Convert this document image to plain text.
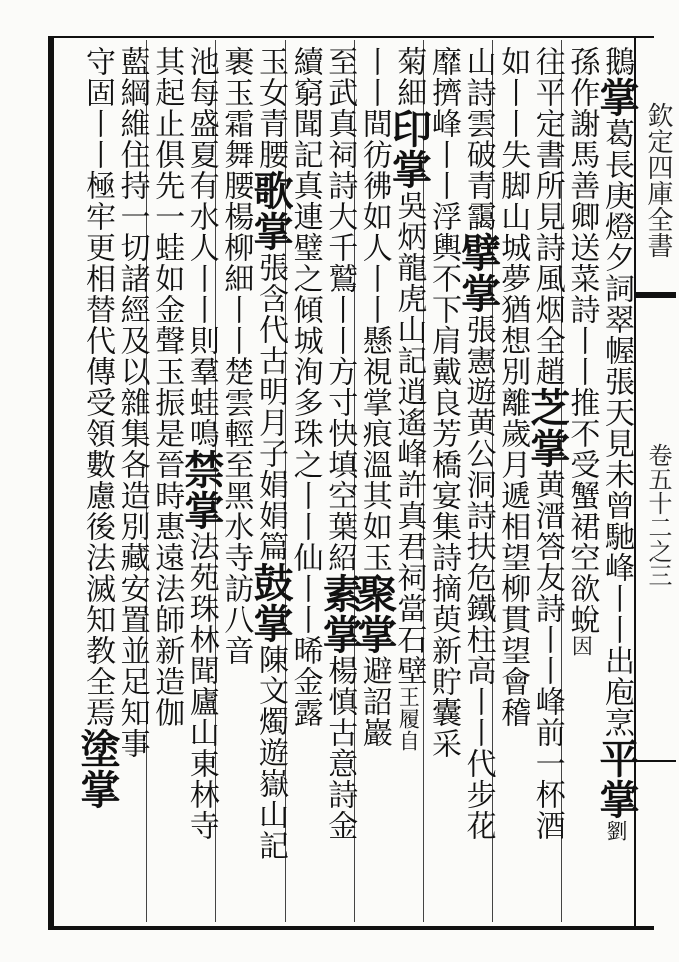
欽定四庫全書
卷五十二之三
鵝掌葛長庚燈夕詞翠幄張天見未曾馳峰丨丨出庖烹平掌劉
孫作謝馬善卿送菜詩丨丨推不受蟹裙空欲蛻因
往平定書所見詩風烟全趙芝掌黄溍答友詩丨丨峰前一杯酒
如丨丨失脚山城夢猶想別離歲月遞相望柳貫望會稽
山詩雲破青靄擘掌張憲遊黄公洞詩扶危鐵柱高丨丨代步花
靡擠峰丨丨浮輿不下肩戴良芳橋宴集詩摘萸新貯囊采
菊細印掌吳炳龍虎山記逍遙峰許真君祠當石壁王履自
丨丨間彷彿如人丨丨懸視掌痕溫其如玉聚掌避詔巖
至武真祠詩大千鷲丨丨方寸快填空葉紹素掌楊慎古意詩金
續窮聞記真連璧之傾城洵多珠之丨丨仙丨丨晞金露
玉女青腰歌掌張含代古明月子娟娟篇鼓掌陳文燭遊嶽山記
裹玉霜舞腰楊柳細丨丨楚雲輕至黑水寺訪八音
池每盛夏有水人丨丨則羣蛙鳴禁掌法苑珠林聞廬山東林寺
其起止俱先一蛙如金聲玉振是晉時惠遠法師新造伽
藍綱維住持一切諸經及以雜集各造別藏安置並足知事
守固丨丨極牢更相替代傳受領數慮後法滅知教全焉塗掌
